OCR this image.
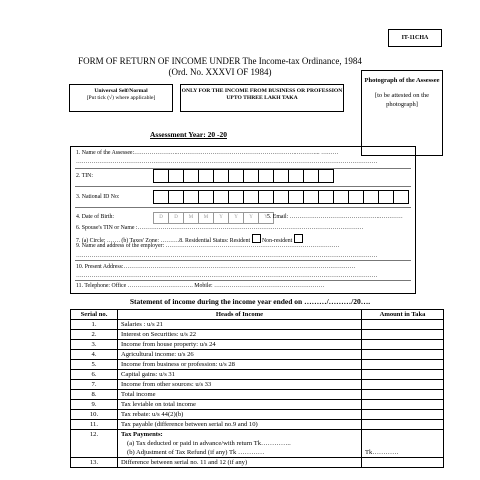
IT-11CHA
FORM OF RETURN OF INCOME UNDER The Income-tax Ordinance, 1984
(Ord. No. XXXVI OF 1984)
Photograph of the Assessee
[to be attested on the photograph]
Universal Self/Normal
[Put tick (√) where applicable]
ONLY FOR THE INCOME FROM BUSINESS OR PROFESSION UPTO THREE LAKH TAKA
Assessment Year: 20 -20
1. Name of the Assessee:…………………..……………………………………………………..……….... ………
…………………………………………………………………………………………………………………………………………
2. TIN:
3. National ID No:
4. Date of Birth:	D	D	M	M	Y	Y	Y	Y 5. Email: ………………………………………..…………
6. Spouse's TIN or Name :………………………………………………………………………………………………………
7. (a) Circle: ……. (b) Taxes' Zone: ……….8. Residential Status: Resident Non-resident
9. Name and address of the employer: ………………………………………………………………………………
…………………………………………………………………………………………………………………………………………
10. Present Address:…………………………………………………………………………………………………………
…………………………………………………………………………………………………………………………………………
11. Telephone: Office ……………………………. Mobile: …………………………………………………
Statement of income during the income year ended on ………/………/20….
Serial no.	Heads of Income	Amount in Taka
1.	Salaries : u/s 21	
2.	Interest on Securities: u/s 22	
3.	Income from house property: u/s 24	
4.	Agricultural income: u/s 26	
5.	Income from business or profession: u/s 28	
6.	Capital gains: u/s 31	
7.	Income from other sources: u/s 33	
8.	Total income	
9.	Tax leviable on total income	
10.	Tax rebate: u/s 44(2)(b)	
11.	Tax payable (difference between serial no.9 and 10)	
12.	Tax Payments:
(a) Tax deducted or paid in advance/with return Tk…………..
(b) Adjustment of Tax Refund (if any) Tk …………	Tk…………
13.	Difference between serial no. 11 and 12 (if any)	
